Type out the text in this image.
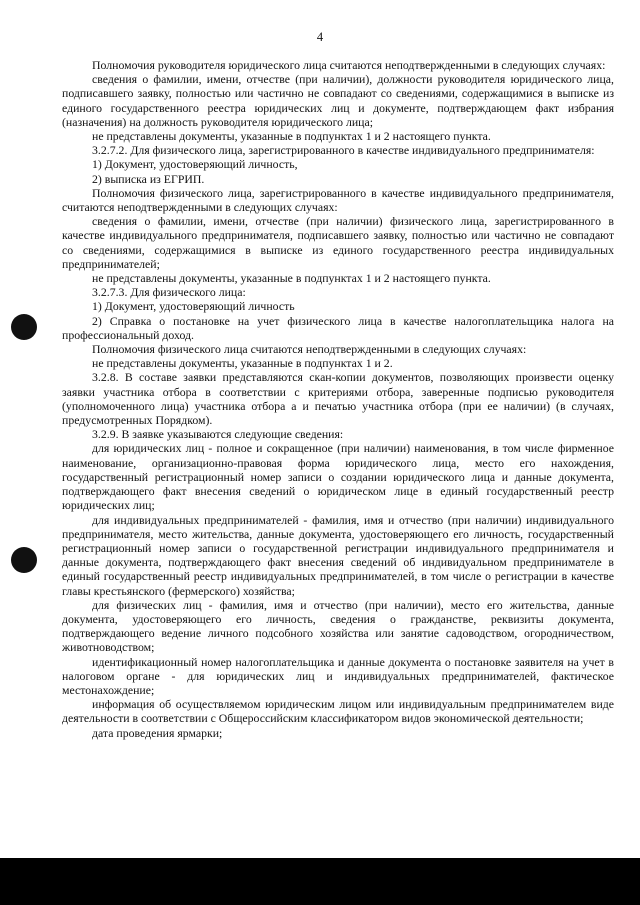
4

Полномочия руководителя юридического лица считаются неподтвержденными в следующих случаях:

сведения о фамилии, имени, отчестве (при наличии), должности руководителя юридического лица, подписавшего заявку, полностью или частично не совпадают со сведениями, содержащимися в выписке из единого государственного реестра юридических лиц и документе, подтверждающем факт избрания (назначения) на должность руководителя юридического лица;

не представлены документы, указанные в подпунктах 1 и 2 настоящего пункта.

3.2.7.2. Для физического лица, зарегистрированного в качестве индивидуального предпринимателя:

1) Документ, удостоверяющий личность,

2) выписка из ЕГРИП.

Полномочия физического лица, зарегистрированного в качестве индивидуального предпринимателя, считаются неподтвержденными в следующих случаях:

сведения о фамилии, имени, отчестве (при наличии) физического лица, зарегистрированного в качестве индивидуального предпринимателя, подписавшего заявку, полностью или частично не совпадают со сведениями, содержащимися в выписке из единого государственного реестра индивидуальных предпринимателей;

не представлены документы, указанные в подпунктах 1 и 2 настоящего пункта.

3.2.7.3. Для физического лица:

1) Документ, удостоверяющий личность

2) Справка о постановке на учет физического лица в качестве налогоплательщика налога на профессиональный доход.

Полномочия физического лица считаются неподтвержденными в следующих случаях:

не представлены документы, указанные в подпунктах 1 и 2.

3.2.8. В составе заявки представляются скан-копии документов, позволяющих произвести оценку заявки участника отбора в соответствии с критериями отбора, заверенные подписью руководителя (уполномоченного лица) участника отбора а и печатью участника отбора (при ее наличии) (в случаях, предусмотренных Порядком).

3.2.9. В заявке указываются следующие сведения:

для юридических лиц - полное и сокращенное (при наличии) наименования, в том числе фирменное наименование, организационно-правовая форма юридического лица, место его нахождения, государственный регистрационный номер записи о создании юридического лица и данные документа, подтверждающего факт внесения сведений о юридическом лице в единый государственный реестр юридических лиц;

для индивидуальных предпринимателей - фамилия, имя и отчество (при наличии) индивидуального предпринимателя, место жительства, данные документа, удостоверяющего его личность, государственный регистрационный номер записи о государственной регистрации индивидуального предпринимателя и данные документа, подтверждающего факт внесения сведений об индивидуальном предпринимателе в единый государственный реестр индивидуальных предпринимателей, в том числе о регистрации в качестве главы крестьянского (фермерского) хозяйства;

для физических лиц - фамилия, имя и отчество (при наличии), место его жительства, данные документа, удостоверяющего его личность, сведения о гражданстве, реквизиты документа, подтверждающего ведение личного подсобного хозяйства или занятие садоводством, огородничеством, животноводством;

идентификационный номер налогоплательщика и данные документа о постановке заявителя на учет в налоговом органе - для юридических лиц и индивидуальных предпринимателей, фактическое местонахождение;

информация об осуществляемом юридическим лицом или индивидуальным предпринимателем виде деятельности в соответствии с Общероссийским классификатором видов экономической деятельности;

дата проведения ярмарки;
